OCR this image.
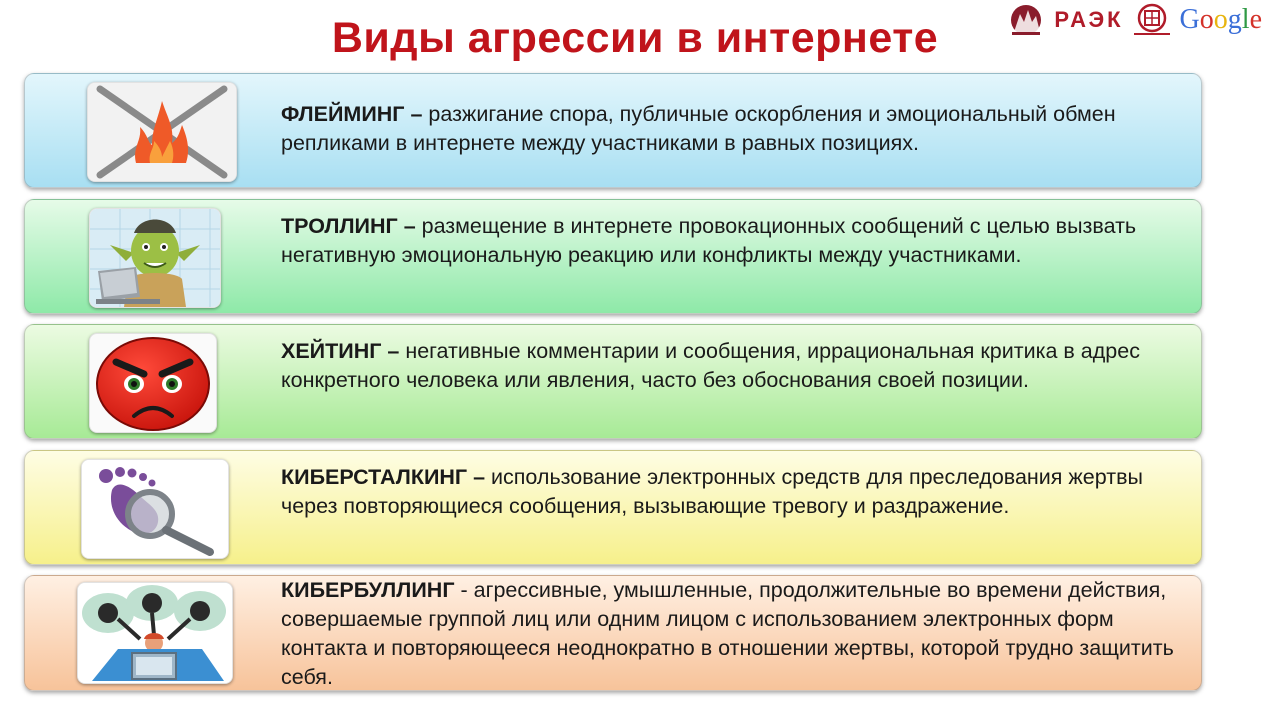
Виды агрессии в интернете	РАЭК Google
ФЛЕЙМИНГ – разжигание спора, публичные оскорбления и эмоциональный обмен репликами в интернете между участниками в равных позициях.
ТРОЛЛИНГ – размещение в интернете провокационных сообщений с целью вызвать негативную эмоциональную реакцию или конфликты между участниками.
ХЕЙТИНГ – негативные комментарии и сообщения, иррациональная критика в адрес конкретного человека или явления, часто без обоснования своей позиции.
КИБЕРСТАЛКИНГ – использование электронных средств для преследования жертвы через повторяющиеся сообщения, вызывающие тревогу и раздражение.
КИБЕРБУЛЛИНГ - агрессивные, умышленные, продолжительные во времени действия, совершаемые группой лиц или одним лицом с использованием электронных форм контакта и повторяющееся неоднократно в отношении жертвы, которой трудно защитить себя.
